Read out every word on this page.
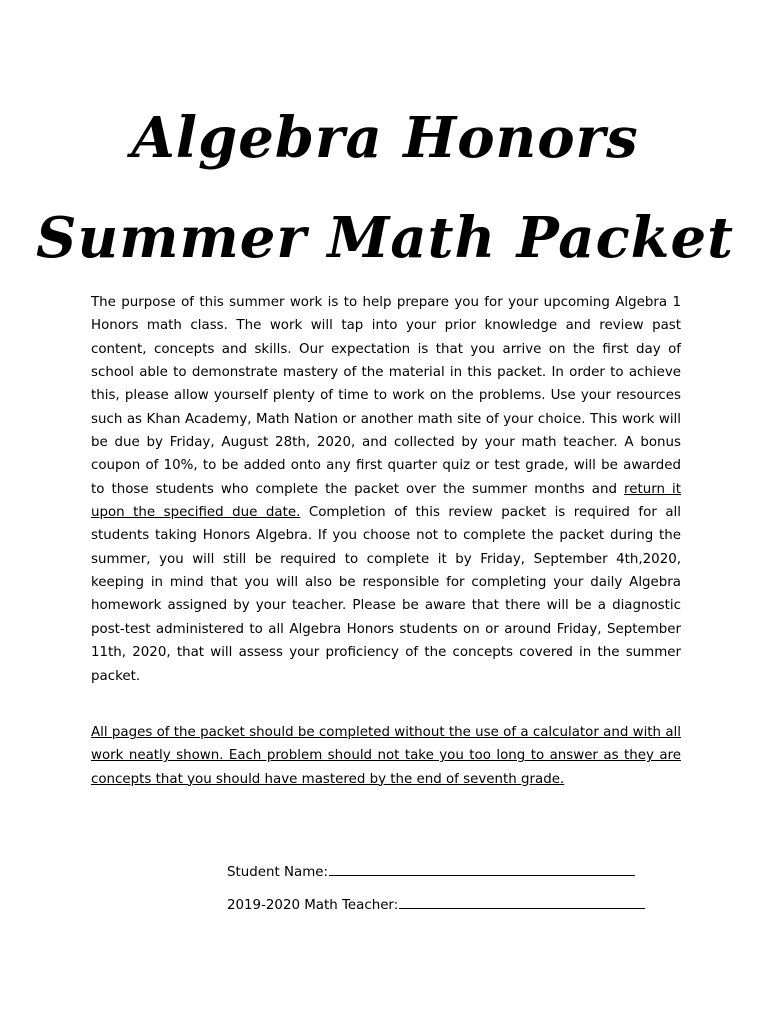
Algebra Honors
Summer Math Packet

The purpose of this summer work is to help prepare you for your upcoming Algebra 1 Honors math class. The work will tap into your prior knowledge and review past content, concepts and skills. Our expectation is that you arrive on the first day of school able to demonstrate mastery of the material in this packet. In order to achieve this, please allow yourself plenty of time to work on the problems. Use your resources such as Khan Academy, Math Nation or another math site of your choice. This work will be due by Friday, August 28th, 2020, and collected by your math teacher. A bonus coupon of 10%, to be added onto any first quarter quiz or test grade, will be awarded to those students who complete the packet over the summer months and return it upon the specified due date. Completion of this review packet is required for all students taking Honors Algebra. If you choose not to complete the packet during the summer, you will still be required to complete it by Friday, September 4th,2020, keeping in mind that you will also be responsible for completing your daily Algebra homework assigned by your teacher. Please be aware that there will be a diagnostic post-test administered to all Algebra Honors students on or around Friday, September 11th, 2020, that will assess your proficiency of the concepts covered in the summer packet.

All pages of the packet should be completed without the use of a calculator and with all work neatly shown. Each problem should not take you too long to answer as they are concepts that you should have mastered by the end of seventh grade.

Student Name:
2019-2020 Math Teacher:
